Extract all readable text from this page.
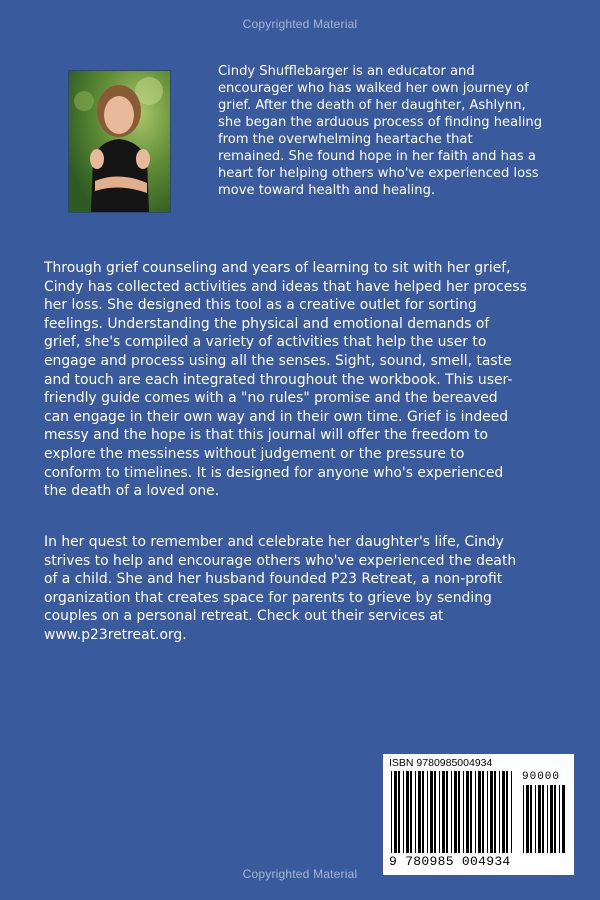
Copyrighted Material

Cindy Shufflebarger is an educator and
encourager who has walked her own journey of
grief. After the death of her daughter, Ashlynn,
she began the arduous process of finding healing
from the overwhelming heartache that
remained. She found hope in her faith and has a
heart for helping others who've experienced loss
move toward health and healing.

Through grief counseling and years of learning to sit with her grief,
Cindy has collected activities and ideas that have helped her process
her loss. She designed this tool as a creative outlet for sorting
feelings. Understanding the physical and emotional demands of
grief, she's compiled a variety of activities that help the user to
engage and process using all the senses. Sight, sound, smell, taste
and touch are each integrated throughout the workbook. This user-
friendly guide comes with a "no rules" promise and the bereaved
can engage in their own way and in their own time. Grief is indeed
messy and the hope is that this journal will offer the freedom to
explore the messiness without judgement or the pressure to
conform to timelines. It is designed for anyone who's experienced
the death of a loved one.

In her quest to remember and celebrate her daughter's life, Cindy
strives to help and encourage others who've experienced the death
of a child. She and her husband founded P23 Retreat, a non-profit
organization that creates space for parents to grieve by sending
couples on a personal retreat. Check out their services at
www.p23retreat.org.

ISBN 9780985004934
90000
9 780985 004934
Copyrighted Material
